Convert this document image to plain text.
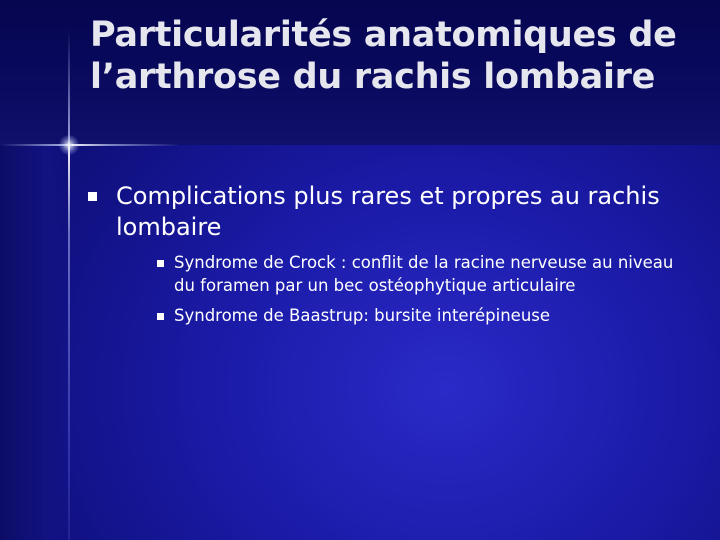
Particularités anatomiques de l’arthrose du rachis lombaire
Complications plus rares et propres au rachis lombaire
Syndrome de Crock : conflit de la racine nerveuse au niveau du foramen par un bec ostéophytique articulaire
Syndrome de Baastrup: bursite interépineuse
